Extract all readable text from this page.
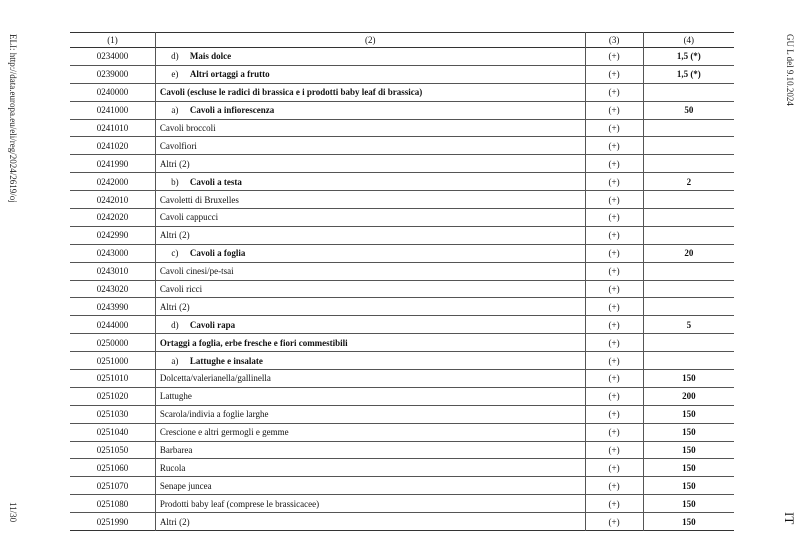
ELI: http://data.europa.eu/eli/reg/2024/2619/oj
11/30
GU L del 9.10.2024
IT
(1)	(2)	(3)	(4)
0234000	d) Mais dolce	(+)	1,5 (*)
0239000	e) Altri ortaggi a frutto	(+)	1,5 (*)
0240000	Cavoli (escluse le radici di brassica e i prodotti baby leaf di brassica)	(+)	
0241000	a) Cavoli a infiorescenza	(+)	50
0241010	Cavoli broccoli	(+)	
0241020	Cavolfiori	(+)	
0241990	Altri (2)	(+)	
0242000	b) Cavoli a testa	(+)	2
0242010	Cavoletti di Bruxelles	(+)	
0242020	Cavoli cappucci	(+)	
0242990	Altri (2)	(+)	
0243000	c) Cavoli a foglia	(+)	20
0243010	Cavoli cinesi/pe-tsai	(+)	
0243020	Cavoli ricci	(+)	
0243990	Altri (2)	(+)	
0244000	d) Cavoli rapa	(+)	5
0250000	Ortaggi a foglia, erbe fresche e fiori commestibili	(+)	
0251000	a) Lattughe e insalate	(+)	
0251010	Dolcetta/valerianella/gallinella	(+)	150
0251020	Lattughe	(+)	200
0251030	Scarola/indivia a foglie larghe	(+)	150
0251040	Crescione e altri germogli e gemme	(+)	150
0251050	Barbarea	(+)	150
0251060	Rucola	(+)	150
0251070	Senape juncea	(+)	150
0251080	Prodotti baby leaf (comprese le brassicacee)	(+)	150
0251990	Altri (2)	(+)	150
